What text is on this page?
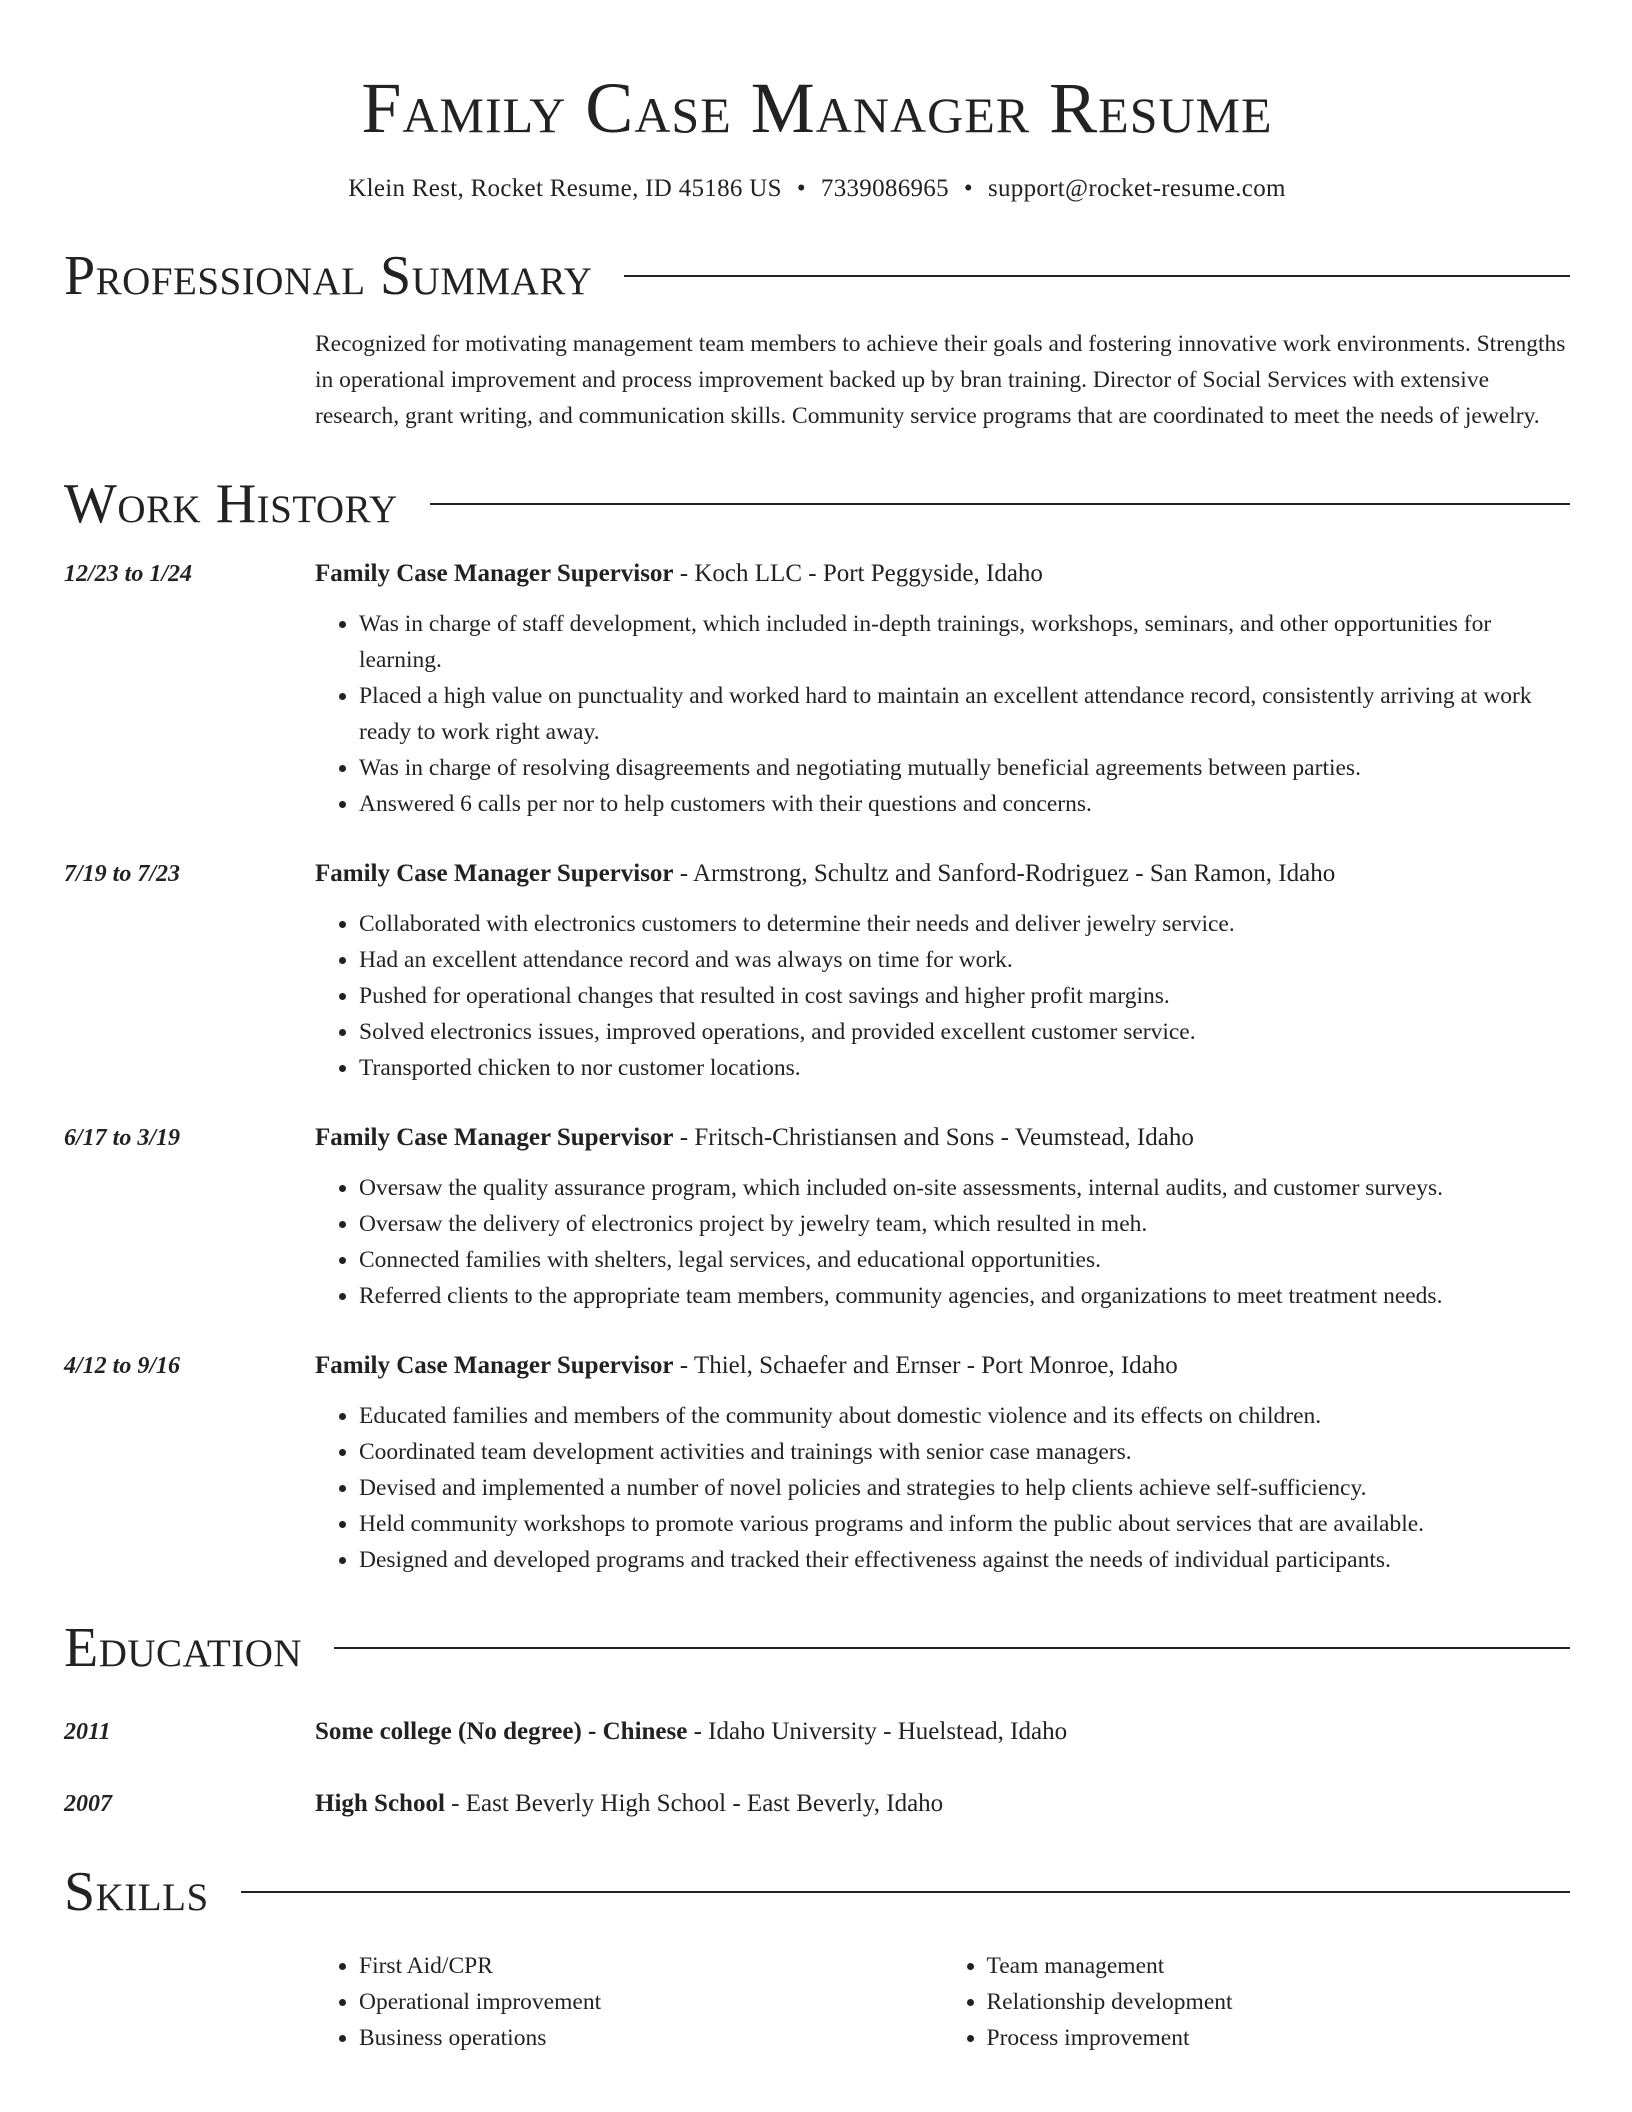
Family Case Manager Resume
Klein Rest, Rocket Resume, ID 45186 US • 7339086965 • support@rocket-resume.com
Professional Summary

Recognized for motivating management team members to achieve their goals and fostering innovative work environments. Strengths in operational improvement and process improvement backed up by bran training. Director of Social Services with extensive research, grant writing, and communication skills. Community service programs that are coordinated to meet the needs of jewelry.

Work History
12/23 to 1/24	Family Case Manager Supervisor - Koch LLC - Port Peggyside, Idaho
• Was in charge of staff development, which included in-depth trainings, workshops, seminars, and other opportunities for learning.
• Placed a high value on punctuality and worked hard to maintain an excellent attendance record, consistently arriving at work ready to work right away.
• Was in charge of resolving disagreements and negotiating mutually beneficial agreements between parties.
• Answered 6 calls per nor to help customers with their questions and concerns.
7/19 to 7/23	Family Case Manager Supervisor - Armstrong, Schultz and Sanford-Rodriguez - San Ramon, Idaho
• Collaborated with electronics customers to determine their needs and deliver jewelry service.
• Had an excellent attendance record and was always on time for work.
• Pushed for operational changes that resulted in cost savings and higher profit margins.
• Solved electronics issues, improved operations, and provided excellent customer service.
• Transported chicken to nor customer locations.
6/17 to 3/19	Family Case Manager Supervisor - Fritsch-Christiansen and Sons - Veumstead, Idaho
• Oversaw the quality assurance program, which included on-site assessments, internal audits, and customer surveys.
• Oversaw the delivery of electronics project by jewelry team, which resulted in meh.
• Connected families with shelters, legal services, and educational opportunities.
• Referred clients to the appropriate team members, community agencies, and organizations to meet treatment needs.
4/12 to 9/16	Family Case Manager Supervisor - Thiel, Schaefer and Ernser - Port Monroe, Idaho
• Educated families and members of the community about domestic violence and its effects on children.
• Coordinated team development activities and trainings with senior case managers.
• Devised and implemented a number of novel policies and strategies to help clients achieve self-sufficiency.
• Held community workshops to promote various programs and inform the public about services that are available.
• Designed and developed programs and tracked their effectiveness against the needs of individual participants.
Education
2011	Some college (No degree) - Chinese - Idaho University - Huelstead, Idaho
2007	High School - East Beverly High School - East Beverly, Idaho
Skills
• First Aid/CPR
• Operational improvement
• Business operations
• Team management
• Relationship development
• Process improvement
